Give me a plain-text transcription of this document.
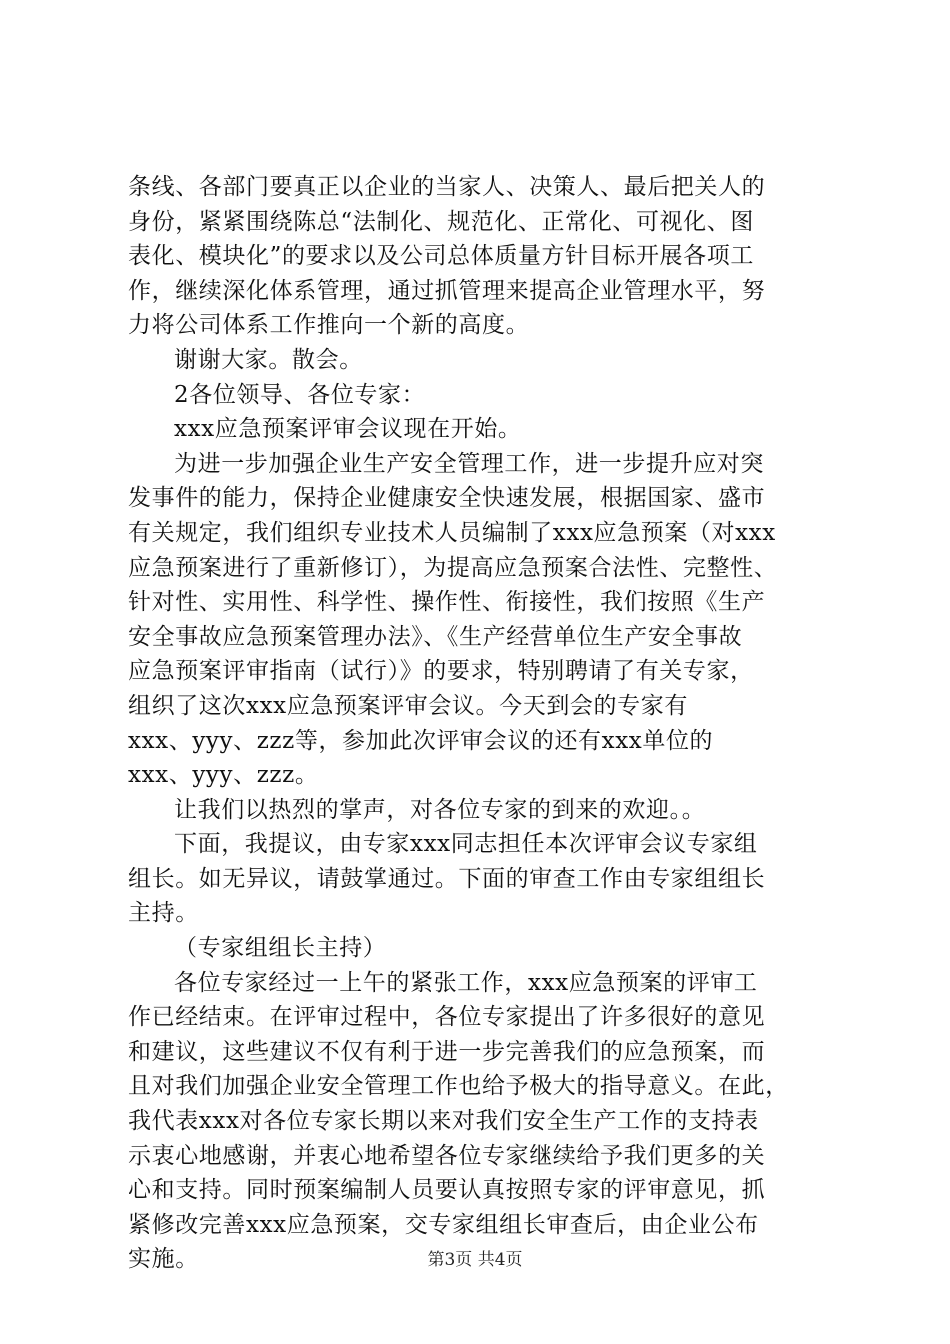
条线、各部门要真正以企业的当家人、决策人、最后把关人的
身份，紧紧围绕陈总“法制化、规范化、正常化、可视化、图
表化、模块化”的要求以及公司总体质量方针目标开展各项工
作，继续深化体系管理，通过抓管理来提高企业管理水平，努
力将公司体系工作推向一个新的高度。
谢谢大家。散会。
2各位领导、各位专家：
xxx应急预案评审会议现在开始。
为进一步加强企业生产安全管理工作，进一步提升应对突
发事件的能力，保持企业健康安全快速发展，根据国家、盛市
有关规定，我们组织专业技术人员编制了xxx应急预案（对xxx
应急预案进行了重新修订），为提高应急预案合法性、完整性、
针对性、实用性、科学性、操作性、衔接性，我们按照《生产
安全事故应急预案管理办法》、《生产经营单位生产安全事故
应急预案评审指南（试行）》的要求，特别聘请了有关专家，
组织了这次xxx应急预案评审会议。今天到会的专家有
xxx、yyy、zzz等，参加此次评审会议的还有xxx单位的
xxx、yyy、zzz。
让我们以热烈的掌声，对各位专家的到来的欢迎。。
下面，我提议，由专家xxx同志担任本次评审会议专家组
组长。如无异议，请鼓掌通过。下面的审查工作由专家组组长
主持。
（专家组组长主持）
各位专家经过一上午的紧张工作，xxx应急预案的评审工
作已经结束。在评审过程中，各位专家提出了许多很好的意见
和建议，这些建议不仅有利于进一步完善我们的应急预案，而
且对我们加强企业安全管理工作也给予极大的指导意义。在此，
我代表xxx对各位专家长期以来对我们安全生产工作的支持表
示衷心地感谢，并衷心地希望各位专家继续给予我们更多的关
心和支持。同时预案编制人员要认真按照专家的评审意见，抓
紧修改完善xxx应急预案，交专家组组长审查后，由企业公布
实施。	第3页 共4页
